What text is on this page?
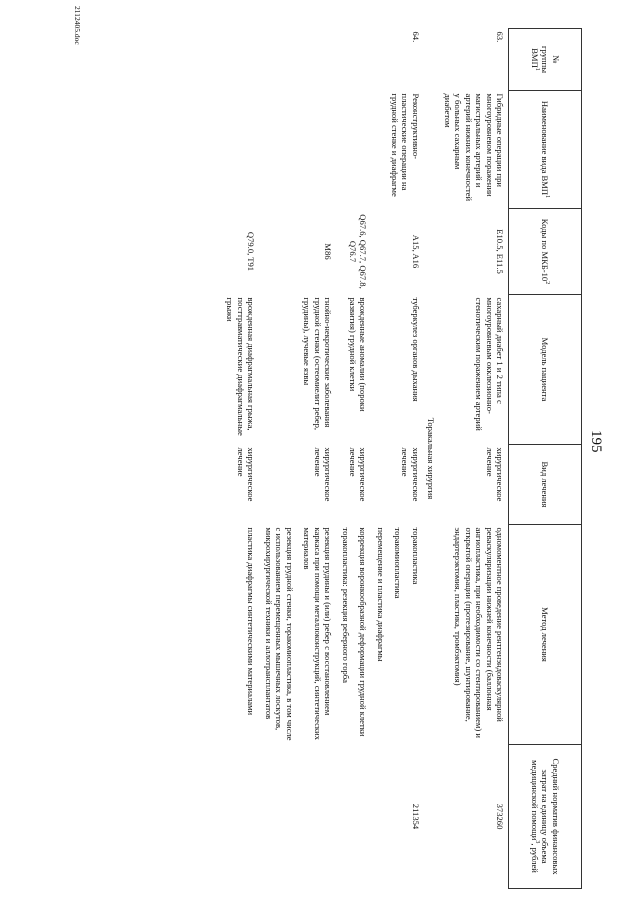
195
№
группы
ВМП$^1$	Наименование вида ВМП$^1$	Коды по МКБ-$10^2$	Модель пациента	Вид лечения	Метод лечения	Средний норматив финансовых затрат на единицу объема медицинской помощи$^3$, рублей
63.	Гибридные операции при многоуровневом поражении магистральных артерий и артерий нижних конечностей у больных сахарным диабетом	E10.5, E11.5	сахарный диабет 1 и 2 типа с многоуровневым окклюзионно-стенотическим поражением артерий	хирургическое лечение	одномоментное проведение рентгенэндоваскулярной реваскуляризации нижней конечности (баллонная ангиопластика, при необходимости со стентированием) и открытой операции (протезирование, шунтирование, эндартерэктомия, пластика, тромбэктомия)	373260
Торакальная хирургия						
64.	Реконструктивно-пластические операции на грудной стенке и диафрагме	A15, A16	туберкулез органов дыхания	хирургическое лечение	торакопластика
торакомиопластика
перемещение и пластика диафрагмы	211354
		Q67.6, Q67.7, Q67.8, Q76.7	врожденные аномалии (пороки развития) грудной клетки	хирургическое лечение	коррекция воронкообразной деформации грудной клетки
торакопластика: резекция реберного горба	

		M86	гнойно-некротические заболевания грудной стенки (остеомиелит ребер, грудины), лучевые язвы	хирургическое лечение	резекция грудины и (или) ребер с восстановлением каркаса при помощи металлоконструкций, синтетических материалов
резекция грудной стенки, торакомиопластика, в том числе с использованием перемещенных мышечных лоскутов, микрохирургической техники и аллотрансплантатов	

		Q79.0, T91	врожденная диафрагмальная грыжа, посттравматические диафрагмальные грыжи	хирургическое лечение	пластика диафрагмы синтетическими материалами	
2112405.doc
